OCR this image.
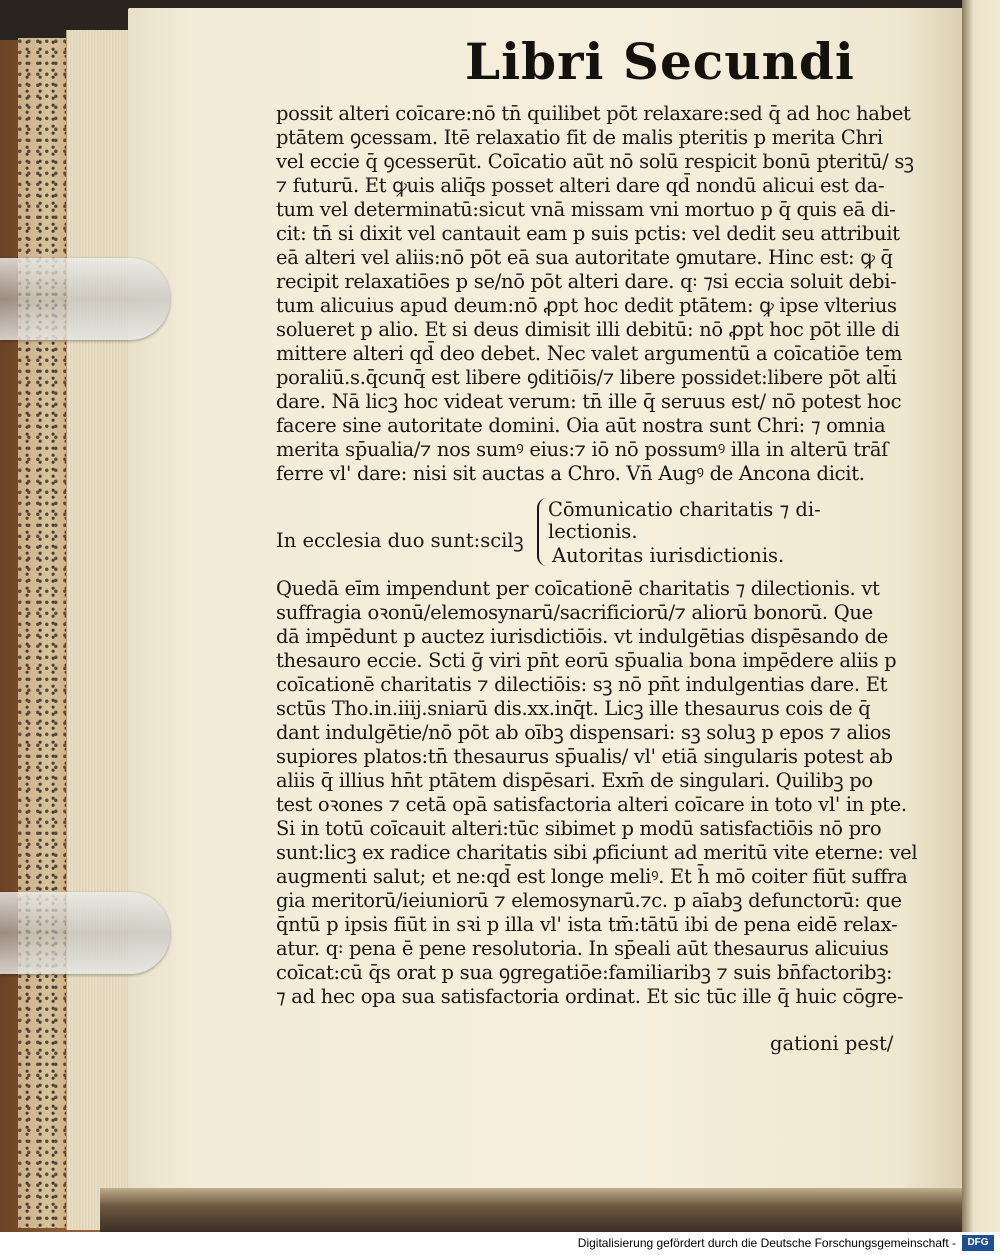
Libri Secundi
possit alteri coīcare:nō tn̄ quilibet pōt relaxare:sed q̄ ad hoc habet
ptātem ꝯcessam. Itē relaxatio fit de malis pteritis p merita Chri
vel eccie q̄ ꝯcesserūt. Coīcatio aūt nō solū respicit bonū pteritū/ sꝫ
⁊ futurū. Et ꝙuis aliq̄s posset alteri dare qd̄ nondū alicui est da-
tum vel determinatū:sicut vnā missam vni mortuo p q̄ quis eā di-
cit: tn̄ si dixit vel cantauit eam p suis pctis: vel dedit seu attribuit
eā alteri vel aliis:nō pōt eā sua autoritate ꝯmutare. Hinc est: ꝙ q̄
recipit relaxatiōes p se/nō pōt alteri dare. q꞉ ⁊si eccia soluit debi-
tum alicuius apud deum:nō ꝓpt hoc dedit ptātem: ꝙ ipse vlterius
solueret p alio. Et si deus dimisit illi debitū: nō ꝓpt hoc pōt ille di
mittere alteri qd̄ deo debet. Nec valet argumentū a coīcatiōe tem
poraliū.s.q̄cunq̄ est libere ꝯditiōis/⁊ libere possidet:libere pōt alt̄i
dare. Nā licꝫ hoc videat verum: tn̄ ille q̄ seruus est/ nō potest hoc
facere sine autoritate domini. Oia aūt nostra sunt Chri: ⁊ omnia
merita sp̄ualia/⁊ nos sumꝰ eius:⁊ iō nō possumꝰ illa in alterū trāſ
ferre vl' dare: nisi sit auctas a Chro. Vn̄ Augꝰ de Ancona dicit.
Cōmunicatio charitatis ⁊ di-
In ecclesia duo sunt:scilꝫ lectionis.
Autoritas iurisdictionis.
Quedā eīm impendunt per coīcationē charitatis ⁊ dilectionis. vt
suffragia oꝛonū/elemosynarū/sacrificiorū/⁊ aliorū bonorū. Que
dā impēdunt p auctez iurisdictiōis. vt indulgētias dispēsando de
thesauro eccie. Scti ḡ viri pn̄t eorū sp̄ualia bona impēdere aliis p
coīcationē charitatis ⁊ dilectiōis: sꝫ nō pn̄t indulgentias dare. Et
sctūs Tho.in.iiij.sniarū dis.xx.inq̄t. Licꝫ ille thesaurus cois de q̄
dant indulgētie/nō pōt ab oībꝫ dispensari: sꝫ soluꝫ p epos ⁊ alios
supiores platos:tn̄ thesaurus sp̄ualis/ vl' etiā singularis potest ab
aliis q̄ illius hn̄t ptātem dispēsari. Exm̄ de singulari. Quilibꝫ po
test oꝛones ⁊ cetā opā satisfactoria alteri coīcare in toto vl' in pte.
Si in totū coīcauit alteri:tūc sibimet p modū satisfactiōis nō pro
sunt:licꝫ ex radice charitatis sibi ꝓficiunt ad meritū vite eterne: vel
augmenti salut; et ne:qd̄ est longe meliꝰ. Et h̄ mō coiter fiūt suffra
gia meritorū/ieiuniorū ⁊ elemosynarū.⁊c. p aīabꝫ defunctorū: que
q̄ntū p ipsis fiūt in sꝛi p illa vl' ista tm̄:tātū ibi de pena eidē relax-
atur. q꞉ pena ē pene resolutoria. In sp̄eali aūt thesaurus alicuius
coīcat:cū q̄s orat p sua ꝯgregatiōe:familiaribꝫ ⁊ suis bn̄factoribꝫ:
⁊ ad hec opa sua satisfactoria ordinat. Et sic tūc ille q̄ huic cōgre-
gationi pest/
Digitalisierung gefördert durch die Deutsche Forschungsgemeinschaft -	DFG
